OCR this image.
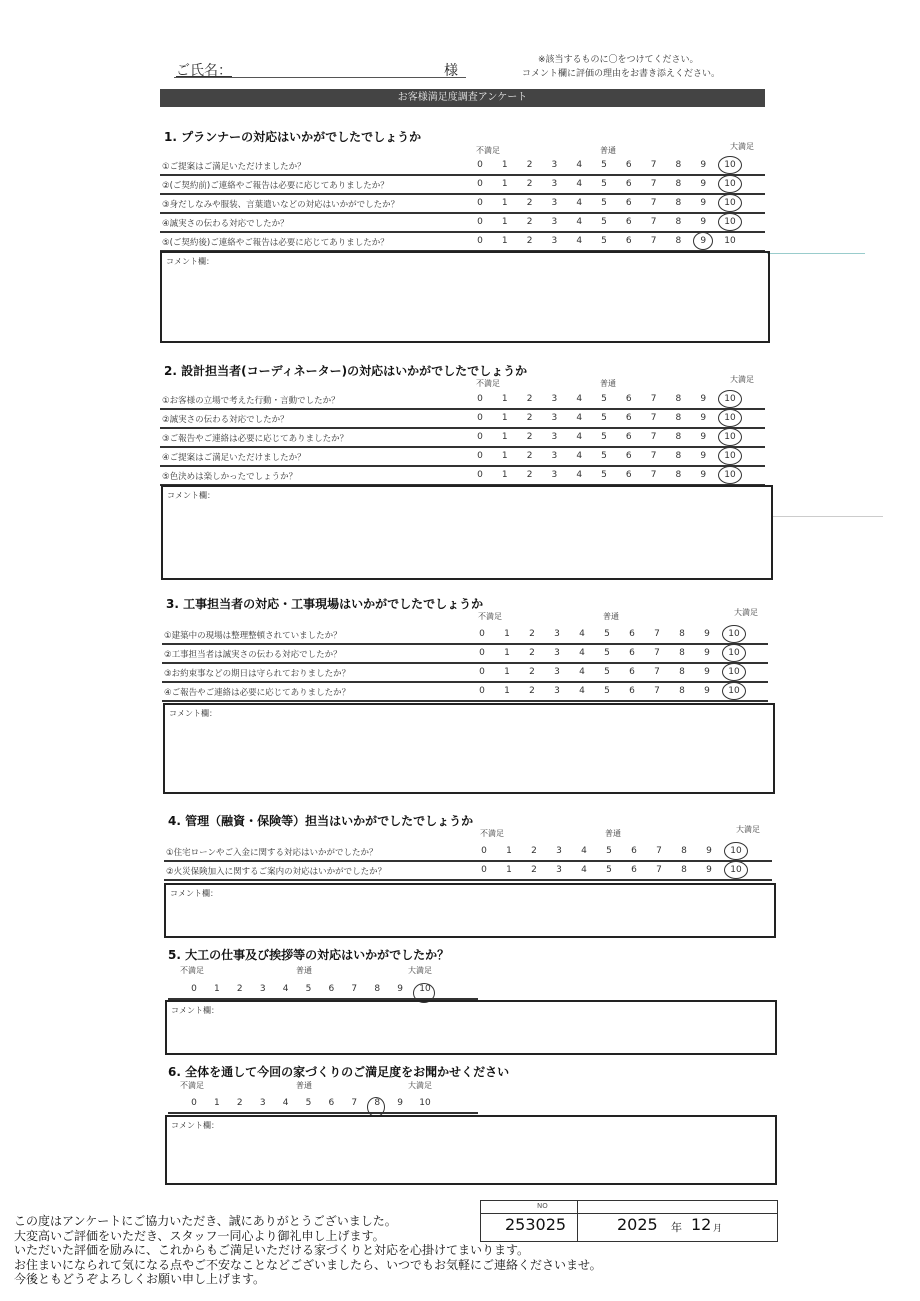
ご氏名：	様
※該当するものに〇をつけてください。
コメント欄に評価の理由をお書き添えください。
お客様満足度調査アンケート
1. プランナーの対応はいかがでしたでしょうか
不満足	普通	大満足
①ご提案はご満足いただけましたか？	0	1	2	3	4	5	6	7	8	9	10
②(ご契約前)ご連絡やご報告は必要に応じてありましたか？	0	1	2	3	4	5	6	7	8	9	10
③身だしなみや服装、言葉遣いなどの対応はいかがでしたか？	0	1	2	3	4	5	6	7	8	9	10
④誠実さの伝わる対応でしたか？	0	1	2	3	4	5	6	7	8	9	10
⑤(ご契約後)ご連絡やご報告は必要に応じてありましたか？	0	1	2	3	4	5	6	7	8	9	10
コメント欄：
2. 設計担当者(コーディネーター)の対応はいかがでしたでしょうか
不満足	普通	大満足
①お客様の立場で考えた行動・言動でしたか？	0	1	2	3	4	5	6	7	8	9	10
②誠実さの伝わる対応でしたか？	0	1	2	3	4	5	6	7	8	9	10
③ご報告やご連絡は必要に応じてありましたか？	0	1	2	3	4	5	6	7	8	9	10
④ご提案はご満足いただけましたか？	0	1	2	3	4	5	6	7	8	9	10
⑤色決めは楽しかったでしょうか？	0	1	2	3	4	5	6	7	8	9	10
コメント欄：
3. 工事担当者の対応・工事現場はいかがでしたでしょうか
不満足	普通	大満足
①建築中の現場は整理整頓されていましたか？	0	1	2	3	4	5	6	7	8	9	10
②工事担当者は誠実さの伝わる対応でしたか？	0	1	2	3	4	5	6	7	8	9	10
③お約束事などの期日は守られておりましたか？	0	1	2	3	4	5	6	7	8	9	10
④ご報告やご連絡は必要に応じてありましたか？	0	1	2	3	4	5	6	7	8	9	10
コメント欄：
4. 管理（融資・保険等）担当はいかがでしたでしょうか
不満足	普通	大満足
①住宅ローンやご入金に関する対応はいかがでしたか？	0	1	2	3	4	5	6	7	8	9	10
②火災保険加入に関するご案内の対応はいかがでしたか？	0	1	2	3	4	5	6	7	8	9	10
コメント欄：
5. 大工の仕事及び挨拶等の対応はいかがでしたか？
不満足	普通	大満足
0	1	2	3	4	5	6	7	8	9	10
コメント欄：
6. 全体を通して今回の家づくりのご満足度をお聞かせください
不満足	普通	大満足
0	1	2	3	4	5	6	7	8	9	10
コメント欄：
この度はアンケートにご協力いただき、誠にありがとうございました。
大変高いご評価をいただき、スタッフ一同心より御礼申し上げます。
いただいた評価を励みに、これからもご満足いただける家づくりと対応を心掛けてまいります。
お住まいになられて気になる点やご不安なことなどございましたら、いつでもお気軽にご連絡くださいませ。
今後ともどうぞよろしくお願い申し上げます。
NO
253025	2025 年 12 月
